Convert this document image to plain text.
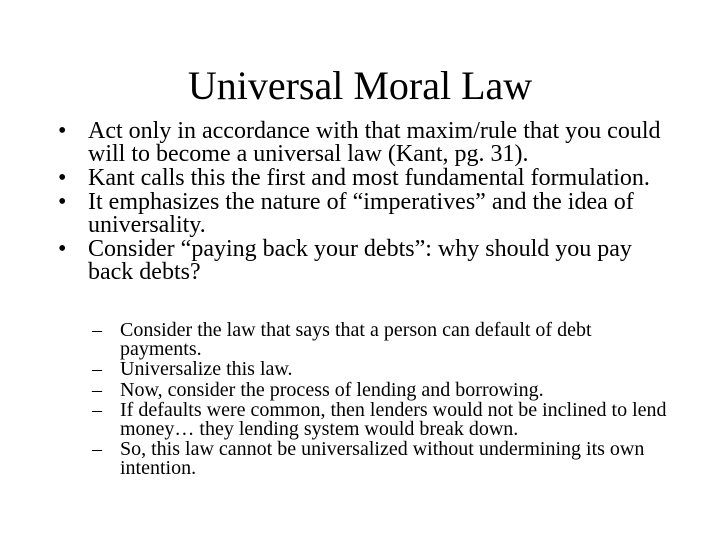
Universal Moral Law
• Act only in accordance with that maxim/rule that you could will to become a universal law (Kant, pg. 31).
• Kant calls this the first and most fundamental formulation.
• It emphasizes the nature of “imperatives” and the idea of universality.
• Consider “paying back your debts”: why should you pay back debts?
– Consider the law that says that a person can default of debt payments.
– Universalize this law.
– Now, consider the process of lending and borrowing.
– If defaults were common, then lenders would not be inclined to lend money… they lending system would break down.
– So, this law cannot be universalized without undermining its own intention.
